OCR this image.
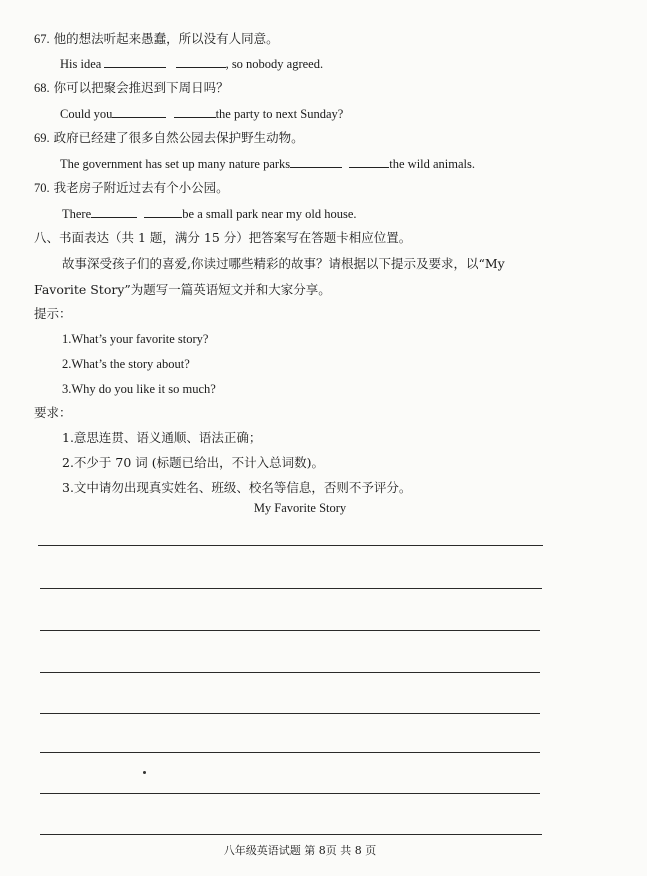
67. 他的想法听起来愚蠢，所以没有人同意。
His idea	, so nobody agreed.
68. 你可以把聚会推迟到下周日吗？
Could you	the party to next Sunday?
69. 政府已经建了很多自然公园去保护野生动物。
The government has set up many nature parks	the wild animals.
70. 我老房子附近过去有个小公园。
There	be a small park near my old house.
八、书面表达（共 1 题，满分 15 分）把答案写在答题卡相应位置。
故事深受孩子们的喜爱,你读过哪些精彩的故事？请根据以下提示及要求，以“My
Favorite Story”为题写一篇英语短文并和大家分享。
提示：
1.What’s your favorite story?
2.What’s the story about?
3.Why do you like it so much?
要求：
1.意思连贯、语义通顺、语法正确；
2.不少于 70 词 (标题已给出，不计入总词数)。
3.文中请勿出现真实姓名、班级、校名等信息，否则不予评分。
My Favorite Story
八年级英语试题 第 8页 共 8 页
